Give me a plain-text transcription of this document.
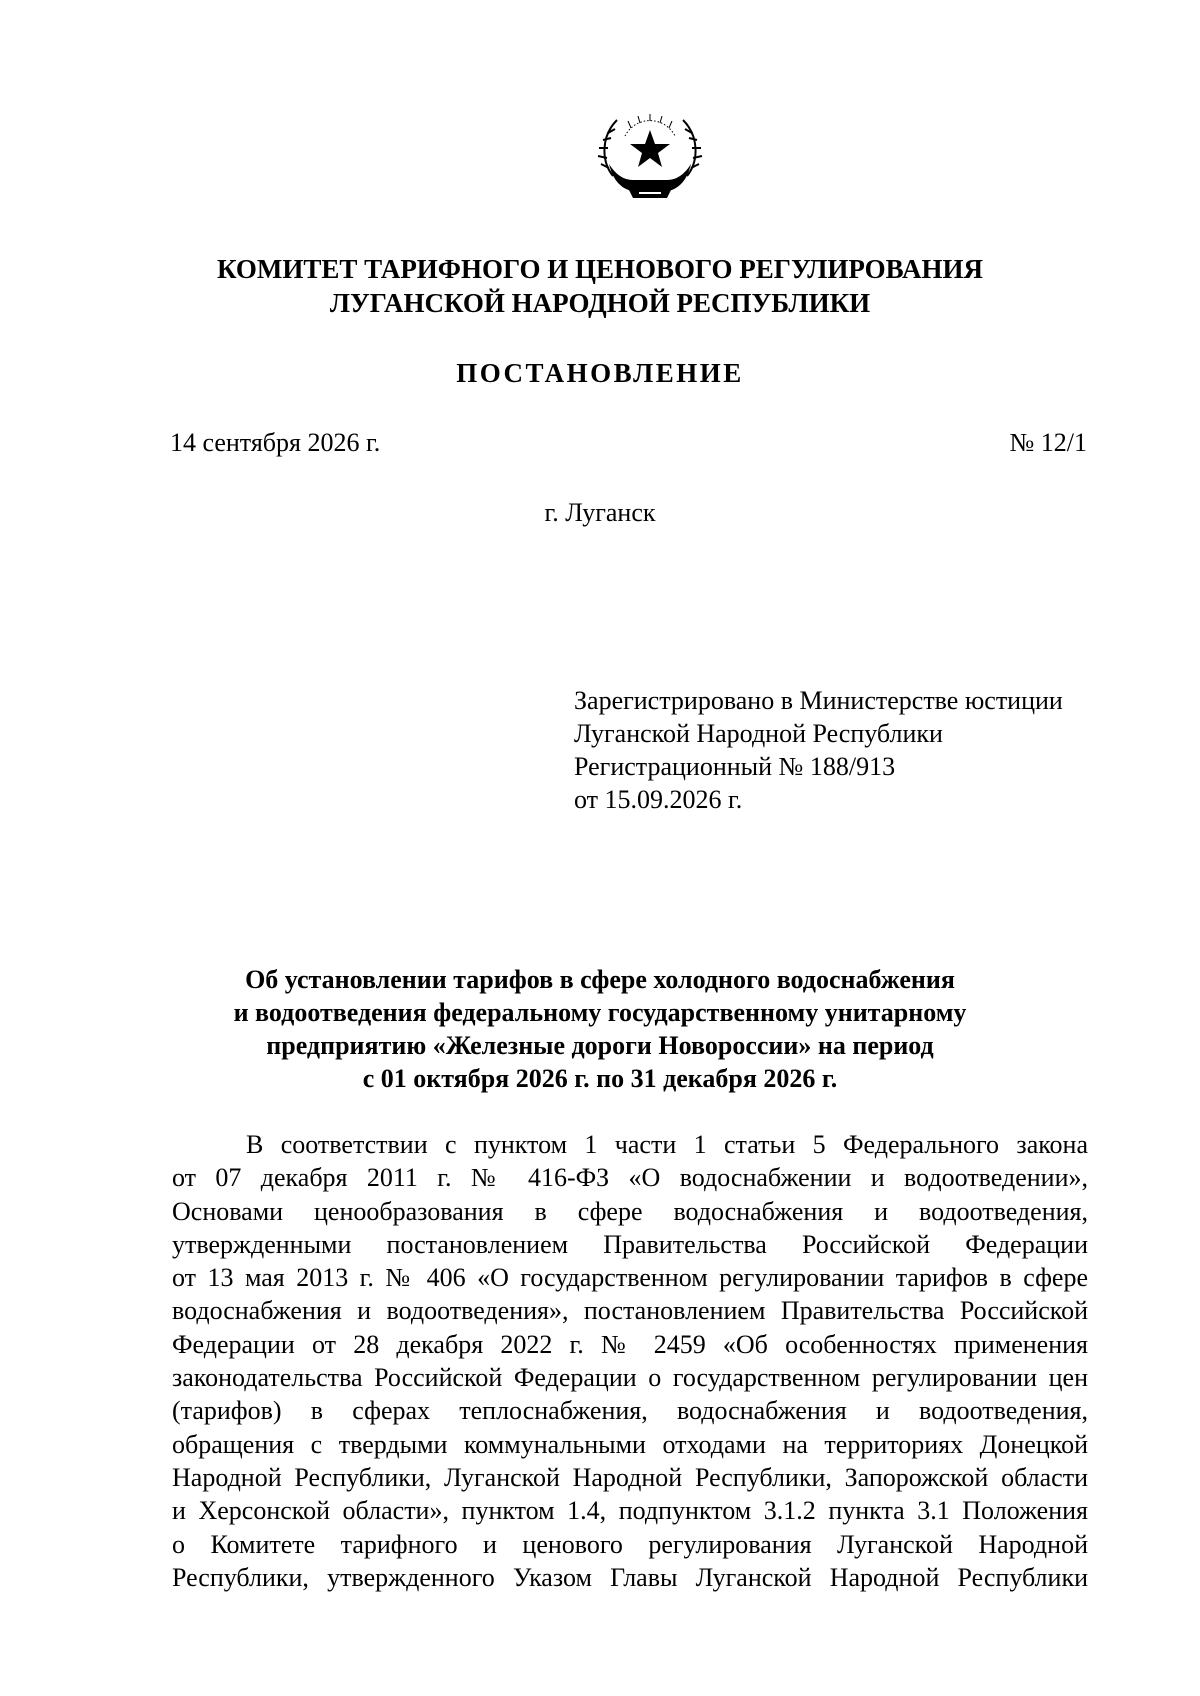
КОМИТЕТ ТАРИФНОГО И ЦЕНОВОГО РЕГУЛИРОВАНИЯ
ЛУГАНСКОЙ НАРОДНОЙ РЕСПУБЛИКИ
ПОСТАНОВЛЕНИЕ
14 сентября 2026 г.	№ 12/1
г. Луганск
Зарегистрировано в Министерстве юстиции
Луганской Народной Республики
Регистрационный № 188/913
от 15.09.2026 г.
Об установлении тарифов в сфере холодного водоснабжения
и водоотведения федеральному государственному унитарному
предприятию «Железные дороги Новороссии» на период
с 01 октября 2026 г. по 31 декабря 2026 г.
В соответствии с пунктом 1 части 1 статьи 5 Федерального закона
от 07 декабря 2011 г. № 416-ФЗ «О водоснабжении и водоотведении»,
Основами ценообразования в сфере водоснабжения и водоотведения,
утвержденными постановлением Правительства Российской Федерации
от 13 мая 2013 г. № 406 «О государственном регулировании тарифов в сфере
водоснабжения и водоотведения», постановлением Правительства Российской
Федерации от 28 декабря 2022 г. № 2459 «Об особенностях применения
законодательства Российской Федерации о государственном регулировании цен
(тарифов) в сферах теплоснабжения, водоснабжения и водоотведения,
обращения с твердыми коммунальными отходами на территориях Донецкой
Народной Республики, Луганской Народной Республики, Запорожской области
и Херсонской области», пунктом 1.4, подпунктом 3.1.2 пункта 3.1 Положения
о Комитете тарифного и ценового регулирования Луганской Народной
Республики, утвержденного Указом Главы Луганской Народной Республики
